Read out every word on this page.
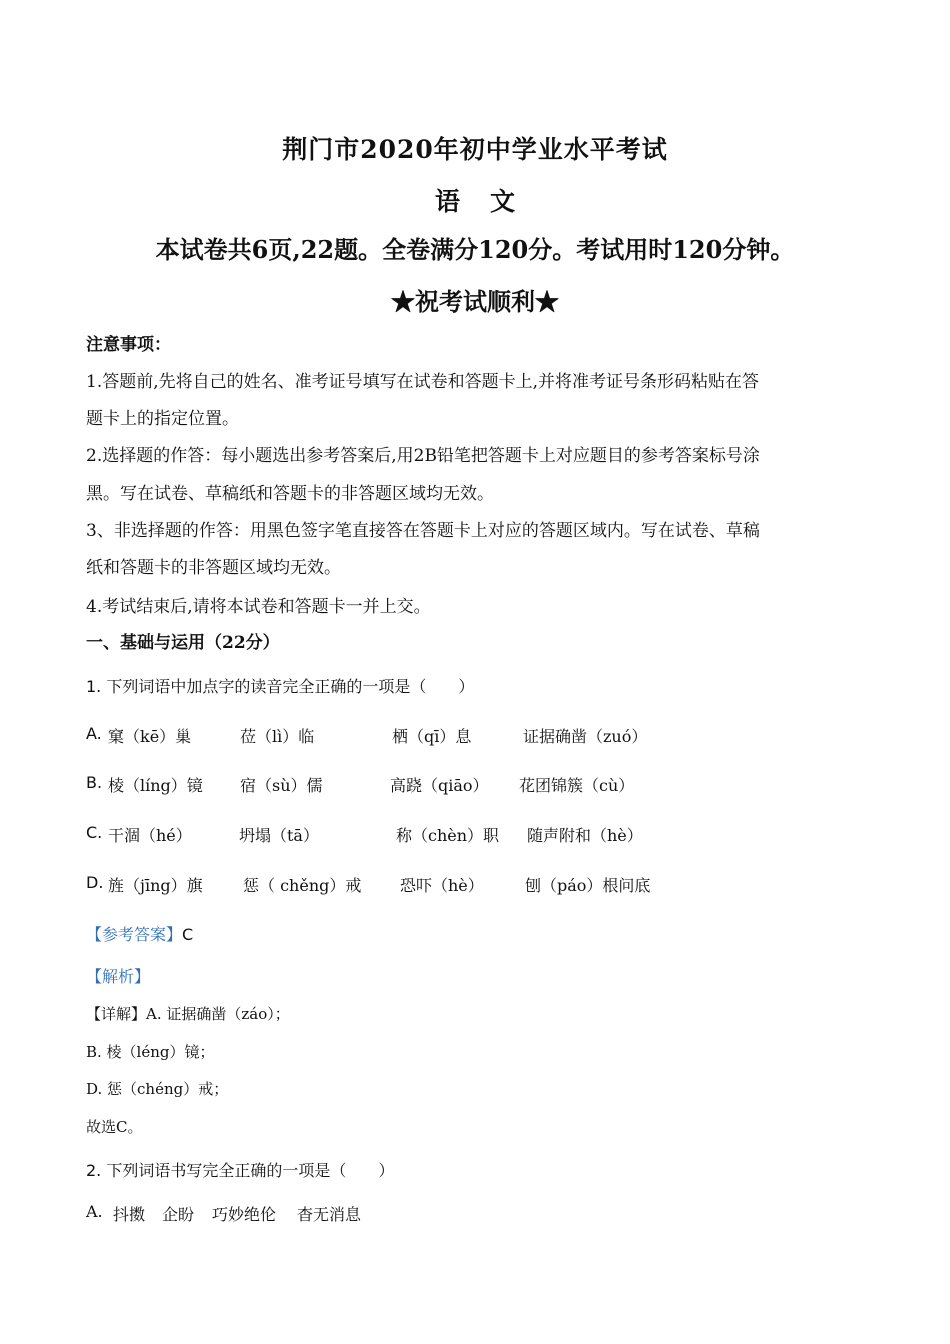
荆门市2020年初中学业水平考试
语文
本试卷共6页,22题。全卷满分120分。考试用时120分钟。
★祝考试顺利★
注意事项：
1.答题前,先将自己的姓名、准考证号填写在试卷和答题卡上,并将准考证号条形码粘贴在答
题卡上的指定位置。
2.选择题的作答：每小题选出参考答案后,用2B铅笔把答题卡上对应题目的参考答案标号涂
黑。写在试卷、草稿纸和答题卡的非答题区域均无效。
3、非选择题的作答：用黑色签字笔直接答在答题卡上对应的答题区域内。写在试卷、草稿
纸和答题卡的非答题区域均无效。
4.考试结束后,请将本试卷和答题卡一并上交。
一、基础与运用（22分）
1. 下列词语中加点字的读音完全正确的一项是（　　）
A. 窠（kē）巢	莅（lì）临	栖（qī）息	证据确凿（zuó）
B. 棱（líng）镜 宿（sù）儒	高跷（qiāo） 花团锦簇（cù）
C. 干涸（hé）	坍塌（tā）	称（chèn）职 随声附和（hè）
D. 旌（jīng）旗	惩（ chěng）戒 恐吓（hè）	刨（páo）根问底
【参考答案】C
【解析】
【详解】A. 证据确凿（záo）；
B. 棱（léng）镜；
D. 惩（chéng）戒；
故选C。
2. 下列词语书写完全正确的一项是（　　）
A. 抖擞 企盼 巧妙绝伦 杳无消息
